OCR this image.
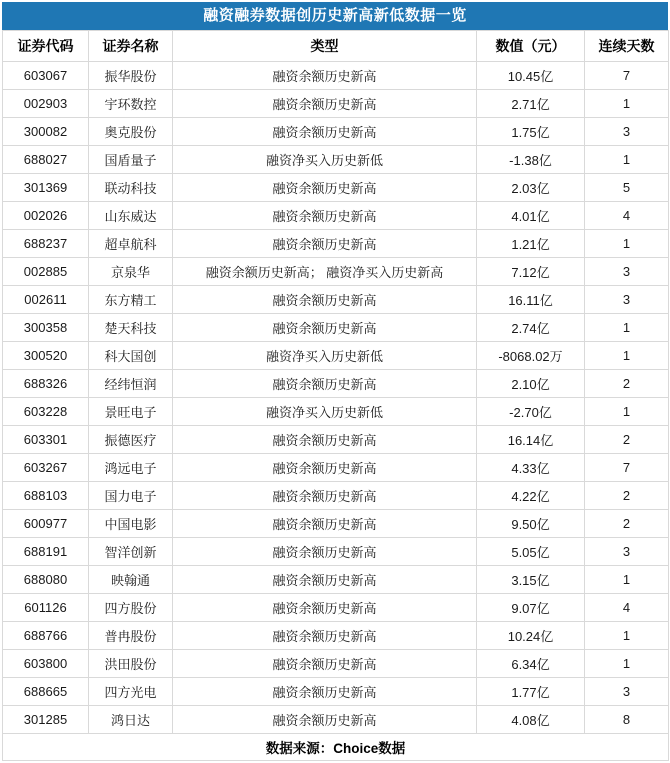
融资融券数据创历史新高新低数据一览
证券代码	证券名称	类型	数值（元）	连续天数
603067	振华股份	融资余额历史新高	10.45亿	7
002903	宇环数控	融资余额历史新高	2.71亿	1
300082	奥克股份	融资余额历史新高	1.75亿	3
688027	国盾量子	融资净买入历史新低	-1.38亿	1
301369	联动科技	融资余额历史新高	2.03亿	5
002026	山东威达	融资余额历史新高	4.01亿	4
688237	超卓航科	融资余额历史新高	1.21亿	1
002885	京泉华	融资余额历史新高； 融资净买入历史新高	7.12亿	3
002611	东方精工	融资余额历史新高	16.11亿	3
300358	楚天科技	融资余额历史新高	2.74亿	1
300520	科大国创	融资净买入历史新低	-8068.02万	1
688326	经纬恒润	融资余额历史新高	2.10亿	2
603228	景旺电子	融资净买入历史新低	-2.70亿	1
603301	振德医疗	融资余额历史新高	16.14亿	2
603267	鸿远电子	融资余额历史新高	4.33亿	7
688103	国力电子	融资余额历史新高	4.22亿	2
600977	中国电影	融资余额历史新高	9.50亿	2
688191	智洋创新	融资余额历史新高	5.05亿	3
688080	映翰通	融资余额历史新高	3.15亿	1
601126	四方股份	融资余额历史新高	9.07亿	4
688766	普冉股份	融资余额历史新高	10.24亿	1
603800	洪田股份	融资余额历史新高	6.34亿	1
688665	四方光电	融资余额历史新高	1.77亿	3
301285	鸿日达	融资余额历史新高	4.08亿	8
数据来源：Choice数据				
